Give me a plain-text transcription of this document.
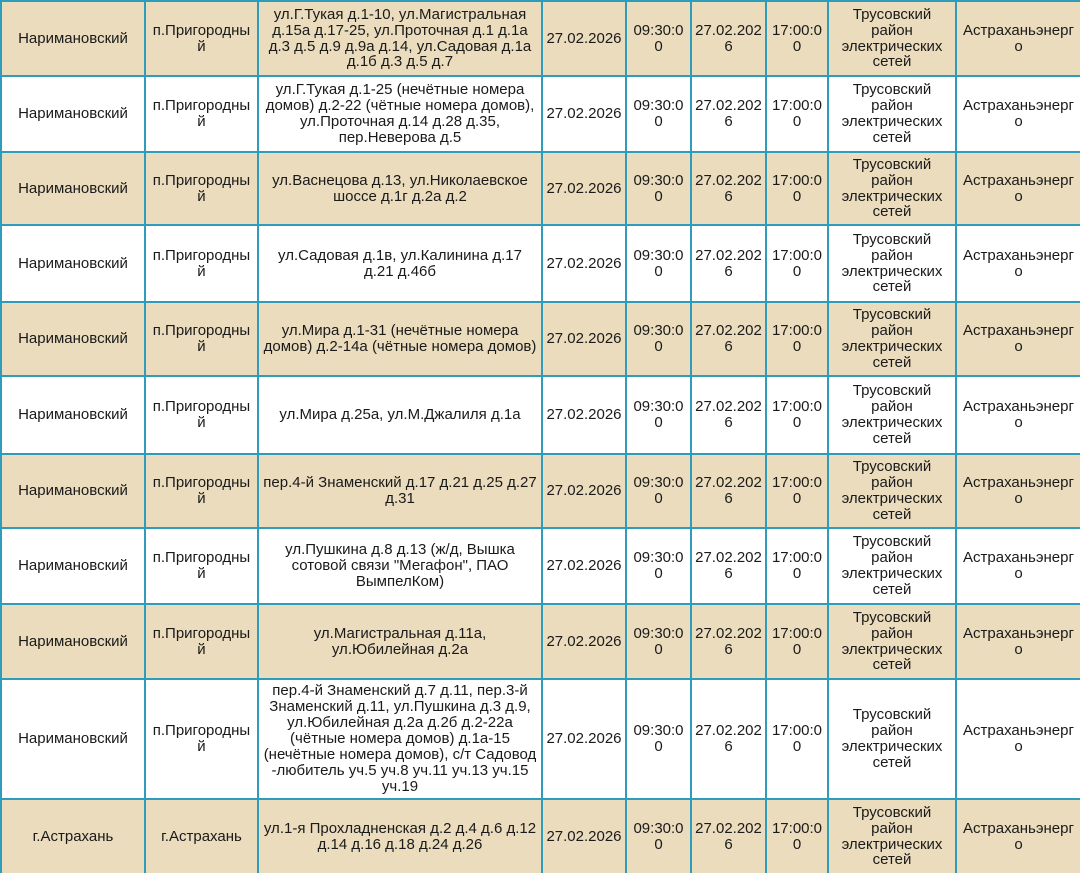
Наримановский	п.Пригородный	ул.Г.Тукая д.1-10, ул.Магистральная д.15а д.17-25, ул.Проточная д.1 д.1а д.3 д.5 д.9 д.9а д.14, ул.Садовая д.1а д.1б д.3 д.5 д.7	27.02.2026	09:30:00	27.02.2026	17:00:00	Трусовский район электрических сетей	Астраханьэнерго
Наримановский	п.Пригородный	ул.Г.Тукая д.1-25 (нечётные номера домов) д.2-22 (чётные номера домов), ул.Проточная д.14 д.28 д.35, пер.Неверова д.5	27.02.2026	09:30:00	27.02.2026	17:00:00	Трусовский район электрических сетей	Астраханьэнерго
Наримановский	п.Пригородный	ул.Васнецова д.13, ул.Николаевское шоссе д.1г д.2а д.2	27.02.2026	09:30:00	27.02.2026	17:00:00	Трусовский район электрических сетей	Астраханьэнерго
Наримановский	п.Пригородный	ул.Садовая д.1в, ул.Калинина д.17 д.21 д.46б	27.02.2026	09:30:00	27.02.2026	17:00:00	Трусовский район электрических сетей	Астраханьэнерго
Наримановский	п.Пригородный	ул.Мира д.1-31 (нечётные номера домов) д.2-14а (чётные номера домов)	27.02.2026	09:30:00	27.02.2026	17:00:00	Трусовский район электрических сетей	Астраханьэнерго
Наримановский	п.Пригородный	ул.Мира д.25а, ул.М.Джалиля д.1а	27.02.2026	09:30:00	27.02.2026	17:00:00	Трусовский район электрических сетей	Астраханьэнерго
Наримановский	п.Пригородный	пер.4-й Знаменский д.17 д.21 д.25 д.27 д.31	27.02.2026	09:30:00	27.02.2026	17:00:00	Трусовский район электрических сетей	Астраханьэнерго
Наримановский	п.Пригородный	ул.Пушкина д.8 д.13 (ж/д, Вышка сотовой связи "Мегафон", ПАО ВымпелКом)	27.02.2026	09:30:00	27.02.2026	17:00:00	Трусовский район электрических сетей	Астраханьэнерго
Наримановский	п.Пригородный	ул.Магистральная д.11а, ул.Юбилейная д.2а	27.02.2026	09:30:00	27.02.2026	17:00:00	Трусовский район электрических сетей	Астраханьэнерго
Наримановский	п.Пригородный	пер.4-й Знаменский д.7 д.11, пер.3-й Знаменский д.11, ул.Пушкина д.3 д.9, ул.Юбилейная д.2а д.2б д.2-22а (чётные номера домов) д.1а-15 (нечётные номера домов), с/т Садовод -любитель уч.5 уч.8 уч.11 уч.13 уч.15 уч.19	27.02.2026	09:30:00	27.02.2026	17:00:00	Трусовский район электрических сетей	Астраханьэнерго
г.Астрахань	г.Астрахань	ул.1-я Прохладненская д.2 д.4 д.6 д.12 д.14 д.16 д.18 д.24 д.26	27.02.2026	09:30:00	27.02.2026	17:00:00	Трусовский район электрических сетей	Астраханьэнерго
